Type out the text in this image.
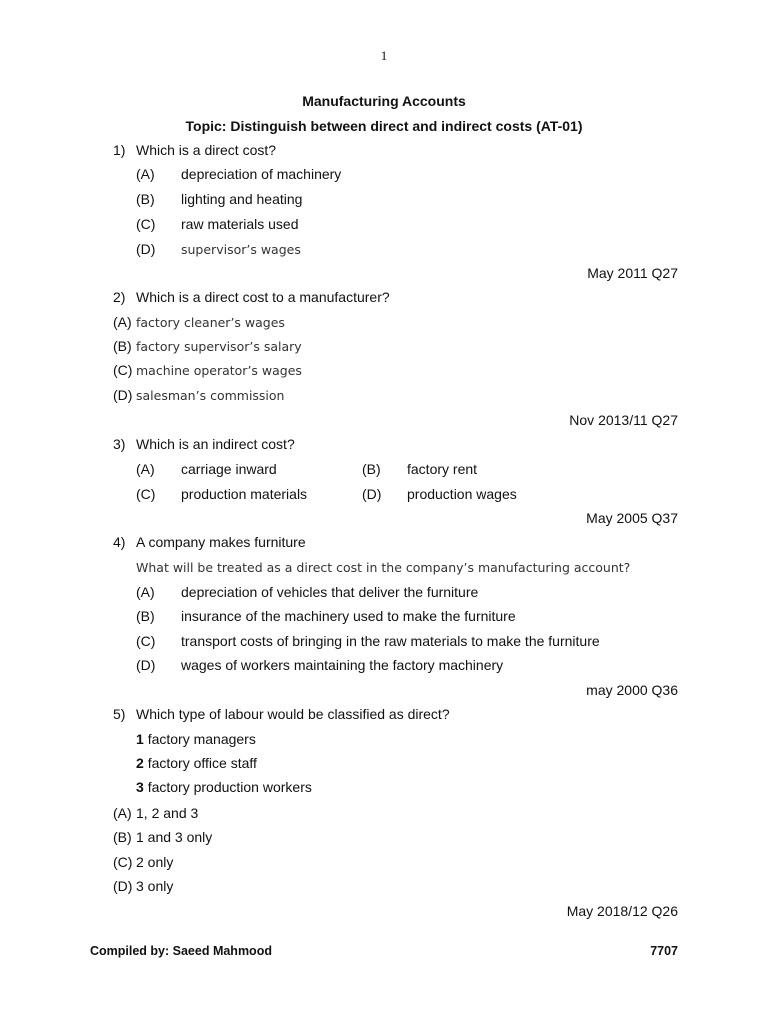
1
Manufacturing Accounts
Topic: Distinguish between direct and indirect costs (AT-01)
1) Which is a direct cost?
(A) depreciation of machinery
(B) lighting and heating
(C) raw materials used
(D) supervisor’s wages
May 2011 Q27
2) Which is a direct cost to a manufacturer?
(A) factory cleaner’s wages
(B) factory supervisor’s salary
(C) machine operator’s wages
(D) salesman’s commission
Nov 2013/11 Q27
3) Which is an indirect cost?
(A) carriage inward	(B) factory rent
(C) production materials	(D) production wages
May 2005 Q37
4) A company makes furniture
What will be treated as a direct cost in the company’s manufacturing account?
(A) depreciation of vehicles that deliver the furniture
(B) insurance of the machinery used to make the furniture
(C) transport costs of bringing in the raw materials to make the furniture
(D) wages of workers maintaining the factory machinery
may 2000 Q36
5) Which type of labour would be classified as direct?
1 factory managers
2 factory office staff
3 factory production workers
(A) 1, 2 and 3
(B) 1 and 3 only
(C) 2 only
(D) 3 only
May 2018/12 Q26
Compiled by: Saeed Mahmood	7707
